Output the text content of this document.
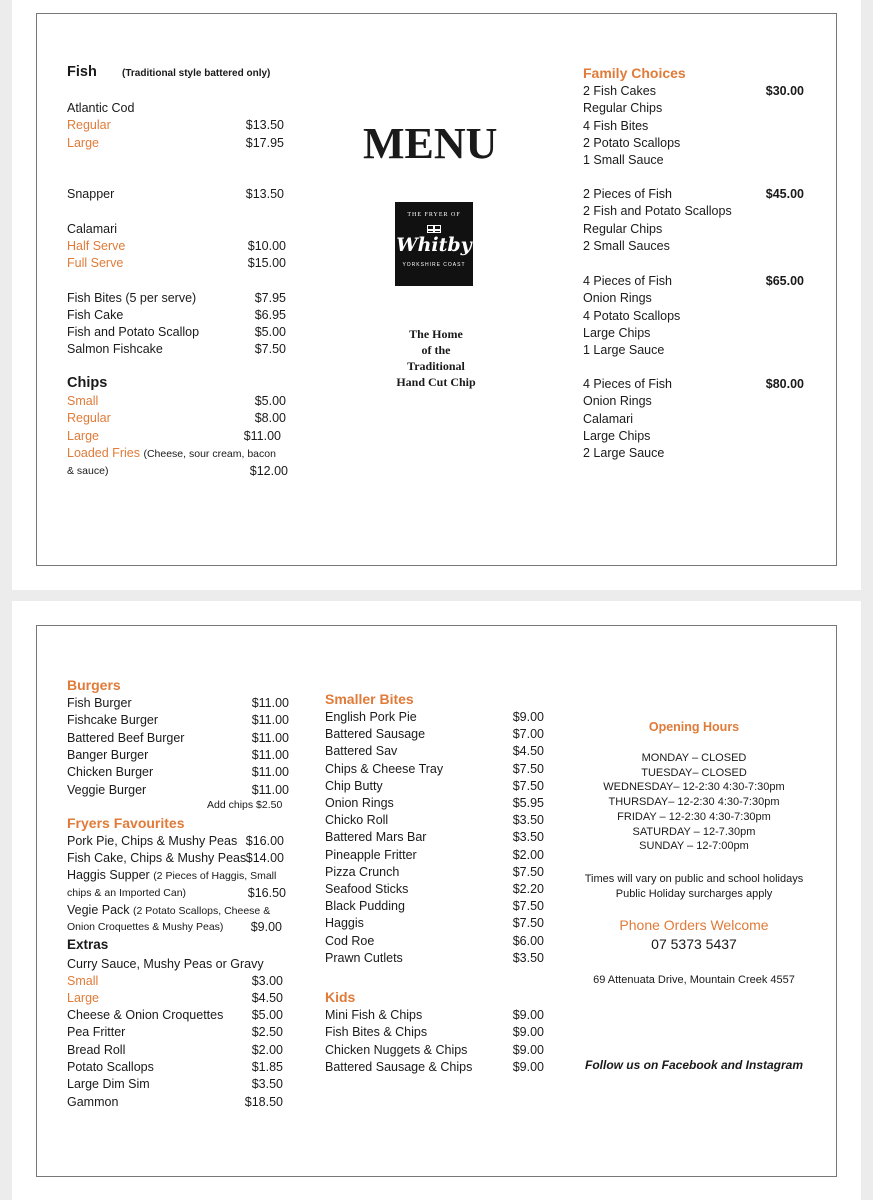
Fish	(Traditional style battered only)
Atlantic Cod
Regular	$13.50
Large	$17.95
Snapper	$13.50
Calamari
Half Serve	$10.00
Full Serve	$15.00
Fish Bites (5 per serve)	$7.95
Fish Cake	$6.95
Fish and Potato Scallop	$5.00
Salmon Fishcake	$7.50
Chips
Small	$5.00
Regular	$8.00
Large	$11.00
Loaded Fries (Cheese, sour cream, bacon
& sauce)	$12.00
MENU
THE FRYER OF
Whitby
YORKSHIRE COAST
The Home
of the
Traditional
Hand Cut Chip
Family Choices
$30.00
2 Fish Cakes
Regular Chips
4 Fish Bites
2 Potato Scallops
1 Small Sauce
$45.00
2 Pieces of Fish
2 Fish and Potato Scallops
Regular Chips
2 Small Sauces
$65.00
4 Pieces of Fish
Onion Rings
4 Potato Scallops
Large Chips
1 Large Sauce
$80.00
4 Pieces of Fish
Onion Rings
Calamari
Large Chips
2 Large Sauce
Burgers
Fish Burger	$11.00
Fishcake Burger	$11.00
Battered Beef Burger	$11.00
Banger Burger	$11.00
Chicken Burger	$11.00
Veggie Burger	$11.00
Add chips $2.50
Fryers Favourites
Pork Pie, Chips & Mushy Peas $16.00
Fish Cake, Chips & Mushy Peas $14.00
Haggis Supper (2 Pieces of Haggis, Small
chips & an Imported Can)	$16.50
Vegie Pack (2 Potato Scallops, Cheese &
Onion Croquettes & Mushy Peas)	$9.00
Extras
Curry Sauce, Mushy Peas or Gravy
Small	$3.00
Large	$4.50
Cheese & Onion Croquettes	$5.00
Pea Fritter	$2.50
Bread Roll	$2.00
Potato Scallops	$1.85
Large Dim Sim	$3.50
Gammon	$18.50
Smaller Bites
English Pork Pie	$9.00
Battered Sausage	$7.00
Battered Sav	$4.50
Chips & Cheese Tray	$7.50
Chip Butty	$7.50
Onion Rings	$5.95
Chicko Roll	$3.50
Battered Mars Bar	$3.50
Pineapple Fritter	$2.00
Pizza Crunch	$7.50
Seafood Sticks	$2.20
Black Pudding	$7.50
Haggis	$7.50
Cod Roe	$6.00
Prawn Cutlets	$3.50
Kids
Mini Fish & Chips	$9.00
Fish Bites & Chips	$9.00
Chicken Nuggets & Chips	$9.00
Battered Sausage & Chips	$9.00
Opening Hours
MONDAY – CLOSED
TUESDAY– CLOSED
WEDNESDAY– 12-2:30 4:30-7:30pm
THURSDAY– 12-2:30 4:30-7:30pm
FRIDAY – 12-2:30 4:30-7:30pm
SATURDAY – 12-7.30pm
SUNDAY – 12-7:00pm
Times will vary on public and school holidays
Public Holiday surcharges apply
Phone Orders Welcome
07 5373 5437
69 Attenuata Drive, Mountain Creek 4557
Follow us on Facebook and Instagram
